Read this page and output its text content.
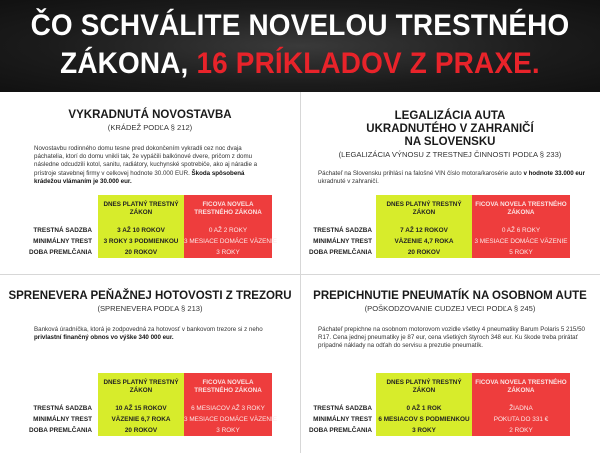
ČO SCHVÁLITE NOVELOU TRESTNÉHO
ZÁKONA, 16 PRÍKLADOV Z PRAXE.
VYKRADNUTÁ NOVOSTAVBA
(KRÁDEŽ PODĽA § 212)
Novostavbu rodinného domu tesne pred dokončením vykradli cez noc dvaja páchatelia, ktorí do domu vnikli tak, že vypáčili balkónové dvere, pričom z domu následne odcudzili kotol, sanitu, radiátory, kuchynské spotrebiče, ako aj náradie a prístroje stavebnej firmy v celkovej hodnote 30.000 EUR. Škoda spôsobená krádežou vlámaním je 30.000 eur.
DNES PLATNÝ TRESTNÝ ZÁKON
FICOVA NOVELA TRESTNÉHO ZÁKONA
TRESTNÁ SADZBA
MINIMÁLNY TREST
DOBA PREMLČANIA
3 AŽ 10 ROKOV
3 ROKY 3 PODMIENKOU
20 ROKOV
0 AŽ 2 ROKY
3 MESIACE DOMÁCE VÄZENIE
3 ROKY
LEGALIZÁCIA AUTA UKRADNUTÉHO V ZAHRANIČÍ NA SLOVENSKU
(LEGALIZÁCIA VÝNOSU Z TRESTNEJ ČINNOSTI PODĽA § 233)
Páchateľ na Slovensku prihlásí na falošné VIN číslo motora/karosérie auto v hodnote 33.000 eur ukradnuté v zahraničí.
DNES PLATNÝ TRESTNÝ ZÁKON
FICOVA NOVELA TRESTNÉHO ZÁKONA
TRESTNÁ SADZBA
MINIMÁLNY TREST
DOBA PREMLČANIA
7 AŽ 12 ROKOV
VÄZENIE 4,7 ROKA
20 ROKOV
0 AŽ 6 ROKY
3 MESIACE DOMÁCE VÄZENIE
5 ROKY
SPRENEVERA PEŇAŽNEJ HOTOVOSTI Z TREZORU
(SPRENEVERA PODĽA § 213)
Banková úradníčka, ktorá je zodpovedná za hotovosť v bankovom trezore si z neho privlastní finančný obnos vo výške 340 000 eur.
DNES PLATNÝ TRESTNÝ ZÁKON
FICOVA NOVELA TRESTNÉHO ZÁKONA
TRESTNÁ SADZBA
MINIMÁLNY TREST
DOBA PREMLČANIA
10 AŽ 15 ROKOV
VÄZENIE 6,7 ROKA
20 ROKOV
6 MESIACOV AŽ 3 ROKY
3 MESIACE DOMÁCE VÄZENIE
3 ROKY
PREPICHNUTIE PNEUMATÍK NA OSOBNOM AUTE
(POŠKODZOVANIE CUDZEJ VECI PODĽA § 245)
Páchateľ prepichne na osobnom motorovom vozidle všetky 4 pneumatiky Barum Polaris 5 215/50 R17. Cena jednej pneumatiky je 87 eur, cena všetkých štyroch 348 eur. Ku škode treba prirátať prípadné náklady na odťah do servisu a prezutie pneumatík.
DNES PLATNÝ TRESTNÝ ZÁKON
FICOVA NOVELA TRESTNÉHO ZÁKONA
TRESTNÁ SADZBA
MINIMÁLNY TREST
DOBA PREMLČANIA
0 AŽ 1 ROK
6 MESIACOV S PODMIENKOU
3 ROKY
ŽIADNA
POKUTA DO 331 €
2 ROKY
